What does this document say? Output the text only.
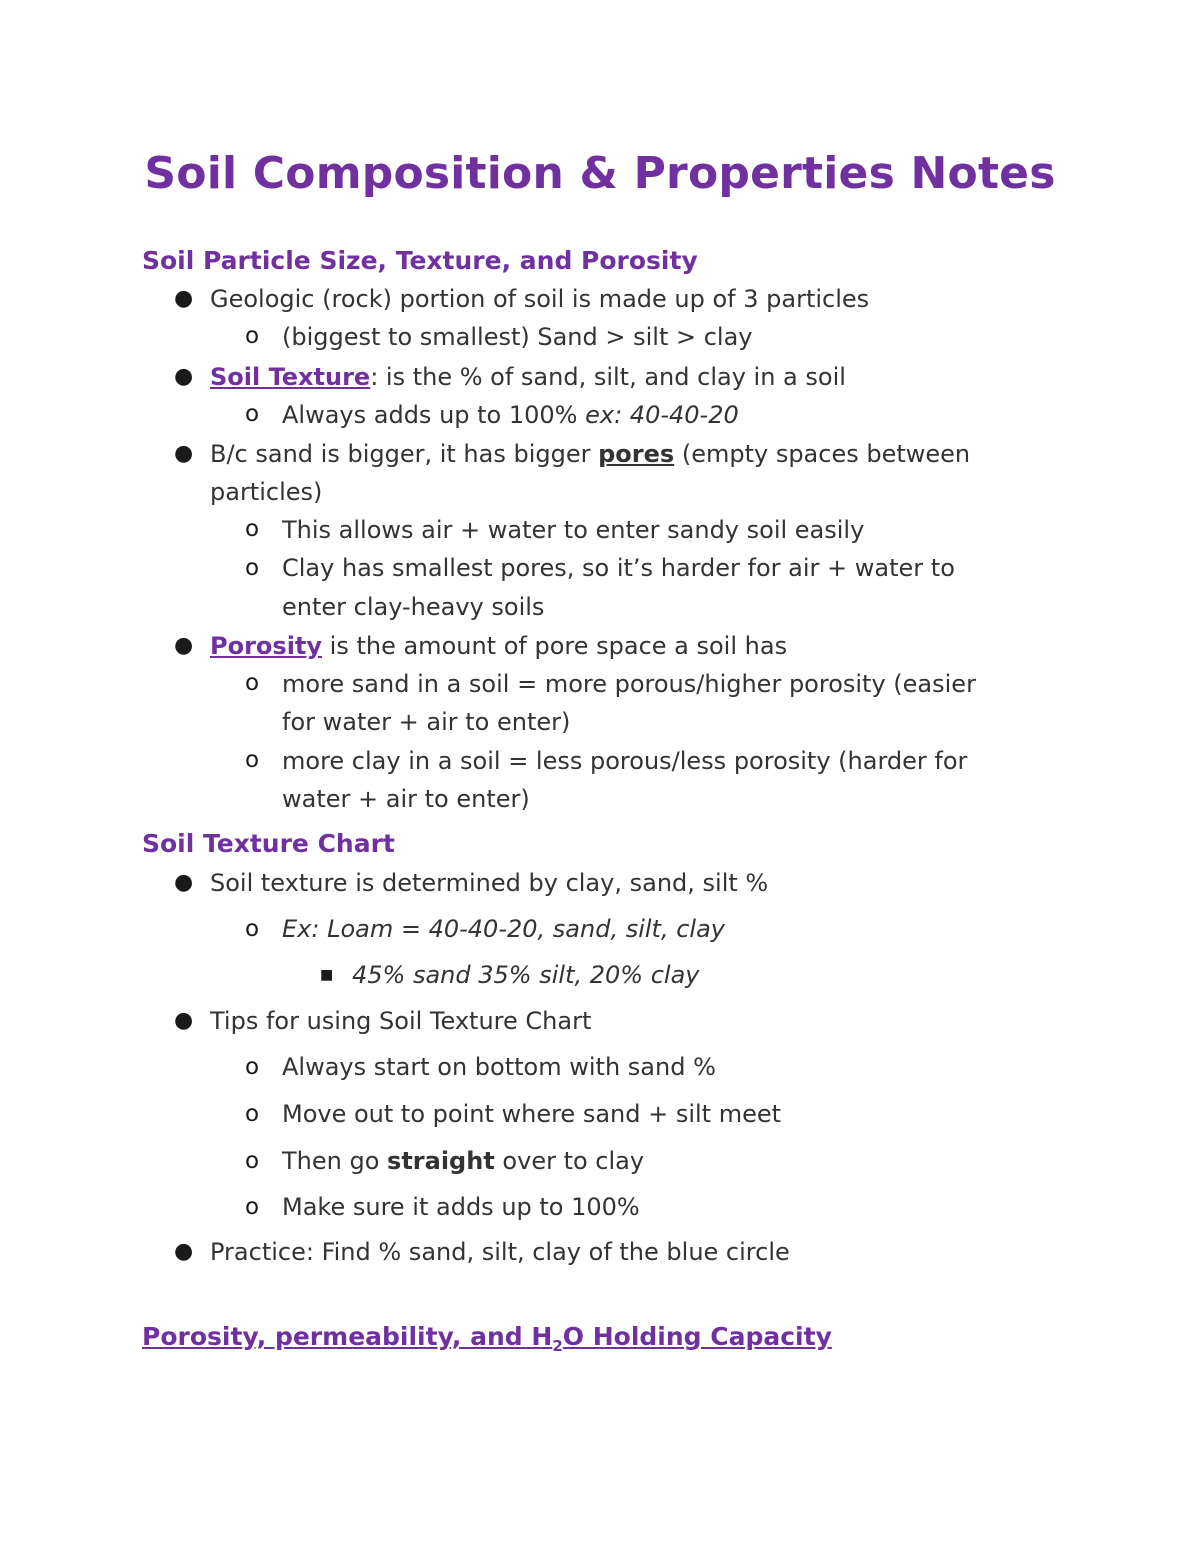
Soil Composition & Properties Notes
Soil Particle Size, Texture, and Porosity
● Geologic (rock) portion of soil is made up of 3 particles
o (biggest to smallest) Sand > silt > clay
● Soil Texture: is the % of sand, silt, and clay in a soil
o Always adds up to 100% ex: 40-40-20
● B/c sand is bigger, it has bigger pores (empty spaces between
particles)
o This allows air + water to enter sandy soil easily
o Clay has smallest pores, so it’s harder for air + water to
enter clay-heavy soils
● Porosity is the amount of pore space a soil has
o more sand in a soil = more porous/higher porosity (easier
for water + air to enter)
o more clay in a soil = less porous/less porosity (harder for
water + air to enter)
Soil Texture Chart
● Soil texture is determined by clay, sand, silt %
o Ex: Loam = 40-40-20, sand, silt, clay
■ 45% sand 35% silt, 20% clay
● Tips for using Soil Texture Chart
o Always start on bottom with sand %
o Move out to point where sand + silt meet
o Then go straight over to clay
o Make sure it adds up to 100%
● Practice: Find % sand, silt, clay of the blue circle
Porosity, permeability, and $H_2O$ Holding Capacity
